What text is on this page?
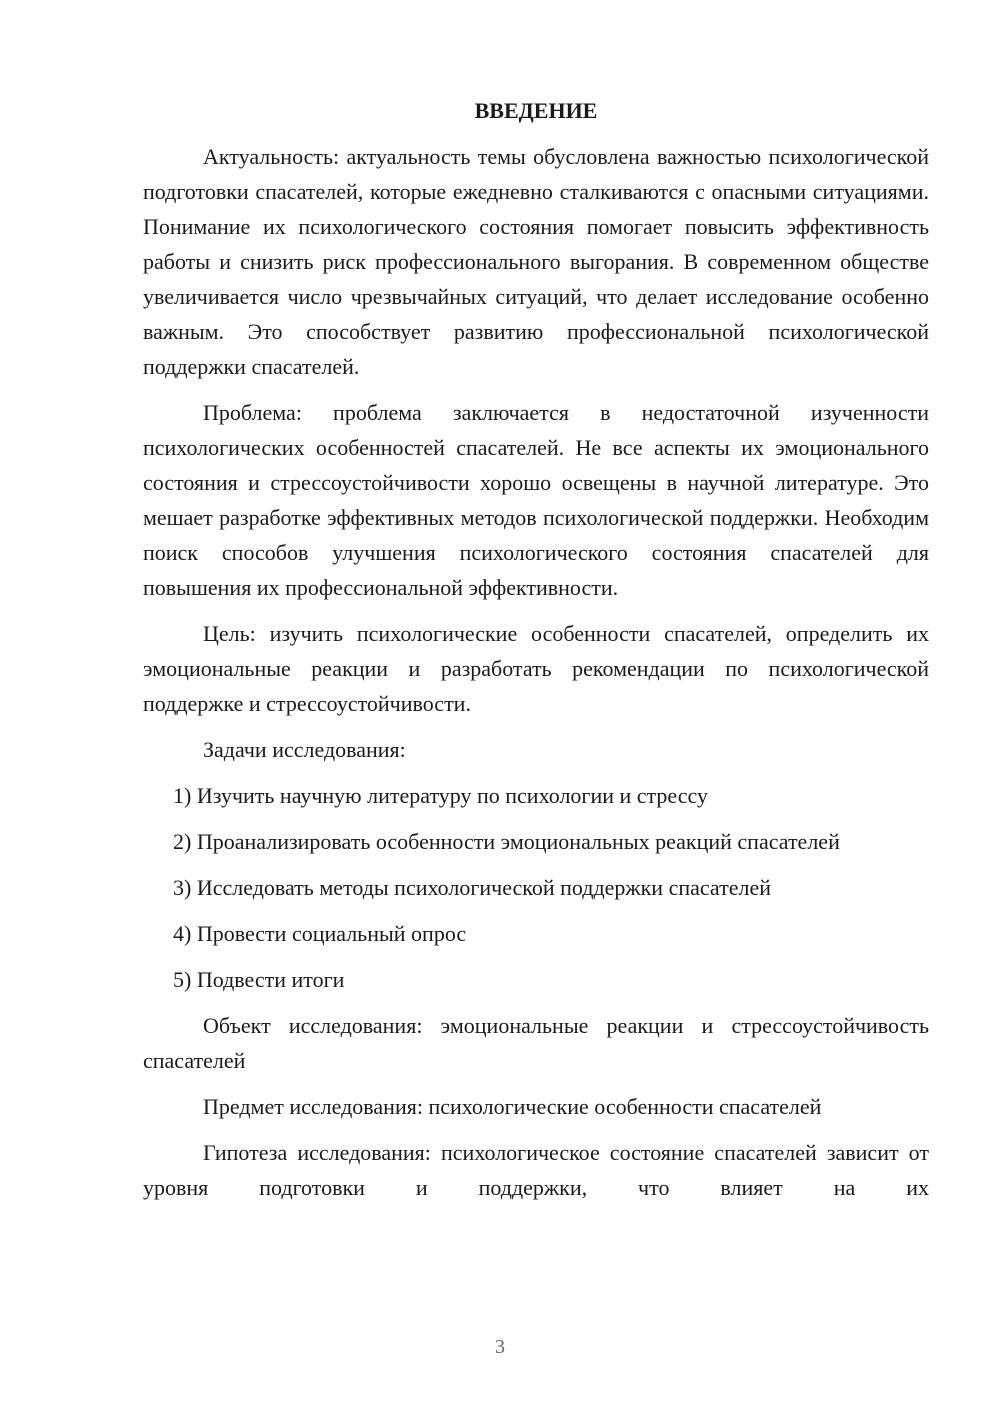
ВВЕДЕНИЕ

Актуальность: актуальность темы обусловлена важностью психологической подготовки спасателей, которые ежедневно сталкиваются с опасными ситуациями. Понимание их психологического состояния помогает повысить эффективность работы и снизить риск профессионального выгорания. В современном обществе увеличивается число чрезвычайных ситуаций, что делает исследование особенно важным. Это способствует развитию профессиональной психологической поддержки спасателей.

Проблема: проблема заключается в недостаточной изученности психологических особенностей спасателей. Не все аспекты их эмоционального состояния и стрессоустойчивости хорошо освещены в научной литературе. Это мешает разработке эффективных методов психологической поддержки. Необходим поиск способов улучшения психологического состояния спасателей для повышения их профессиональной эффективности.

Цель: изучить психологические особенности спасателей, определить их эмоциональные реакции и разработать рекомендации по психологической поддержке и стрессоустойчивости.

Задачи исследования:

1) Изучить научную литературу по психологии и стрессу

2) Проанализировать особенности эмоциональных реакций спасателей

3) Исследовать методы психологической поддержки спасателей

4) Провести социальный опрос

5) Подвести итоги

Объект исследования: эмоциональные реакции и стрессоустойчивость спасателей

Предмет исследования: психологические особенности спасателей

Гипотеза исследования: психологическое состояние спасателей зависит от уровня подготовки и поддержки, что влияет на их

3
